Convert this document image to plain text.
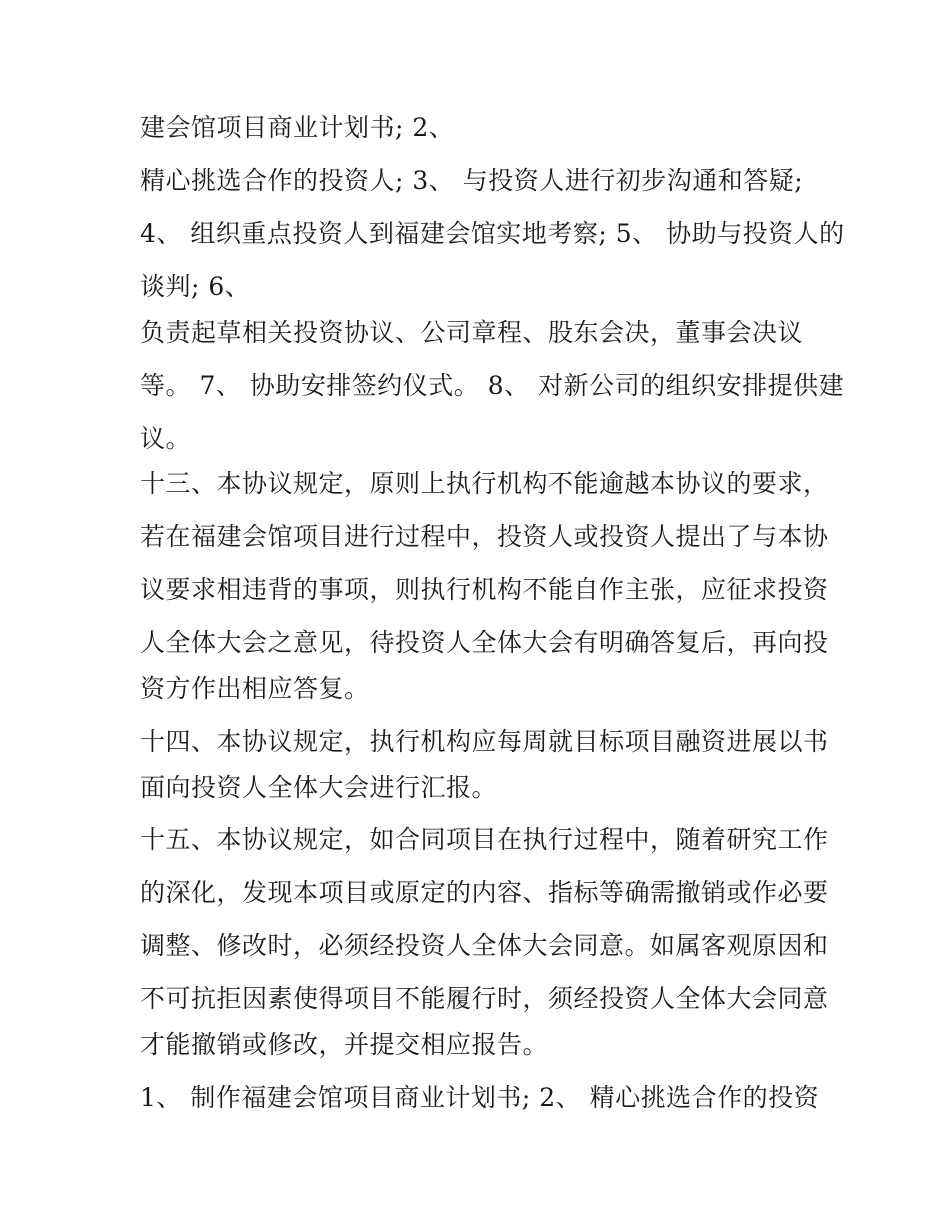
建会馆项目商业计划书; 2、
精心挑选合作的投资人; 3、 与投资人进行初步沟通和答疑;
4、 组织重点投资人到福建会馆实地考察; 5、 协助与投资人的
谈判; 6、
负责起草相关投资协议、公司章程、股东会决，董事会决议
等。 7、 协助安排签约仪式。 8、 对新公司的组织安排提供建
议。
十三、本协议规定，原则上执行机构不能逾越本协议的要求，
若在福建会馆项目进行过程中，投资人或投资人提出了与本协
议要求相违背的事项，则执行机构不能自作主张，应征求投资
人全体大会之意见，待投资人全体大会有明确答复后，再向投
资方作出相应答复。
十四、本协议规定，执行机构应每周就目标项目融资进展以书
面向投资人全体大会进行汇报。
十五、本协议规定，如合同项目在执行过程中，随着研究工作
的深化，发现本项目或原定的内容、指标等确需撤销或作必要
调整、修改时，必须经投资人全体大会同意。如属客观原因和
不可抗拒因素使得项目不能履行时，须经投资人全体大会同意
才能撤销或修改，并提交相应报告。
1、 制作福建会馆项目商业计划书; 2、 精心挑选合作的投资
